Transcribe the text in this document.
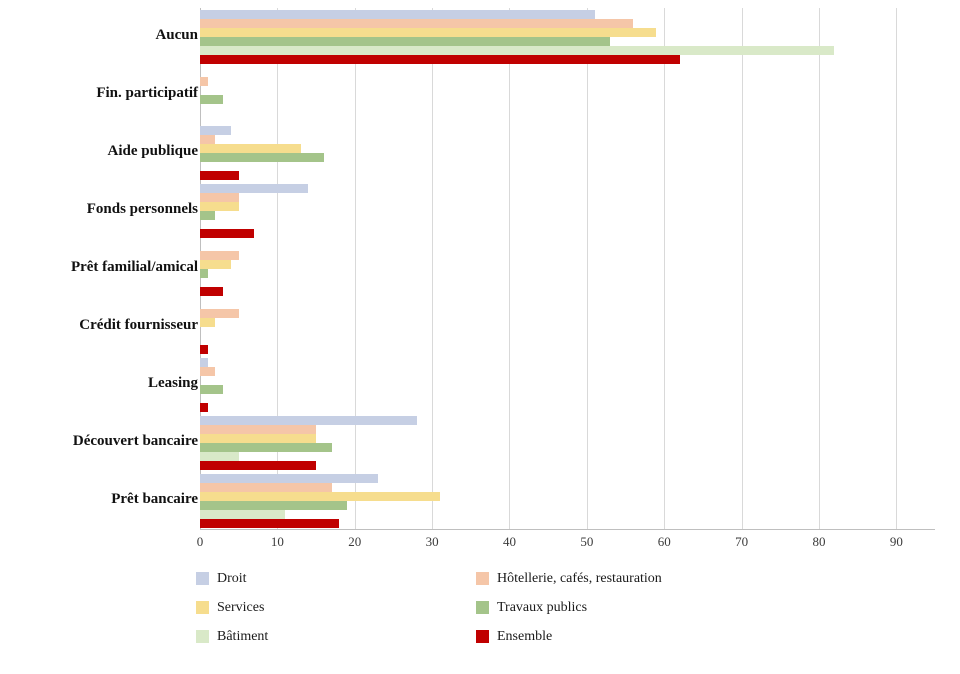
Aucun
Fin. participatif
Aide publique
Fonds personnels
Prêt familial/amical
Crédit fournisseur
Leasing
Découvert bancaire
Prêt bancaire
0	10	20	30	40	50	60	70	80	90
Droit	Hôtellerie, cafés, restauration
Services	Travaux publics
Bâtiment	Ensemble
